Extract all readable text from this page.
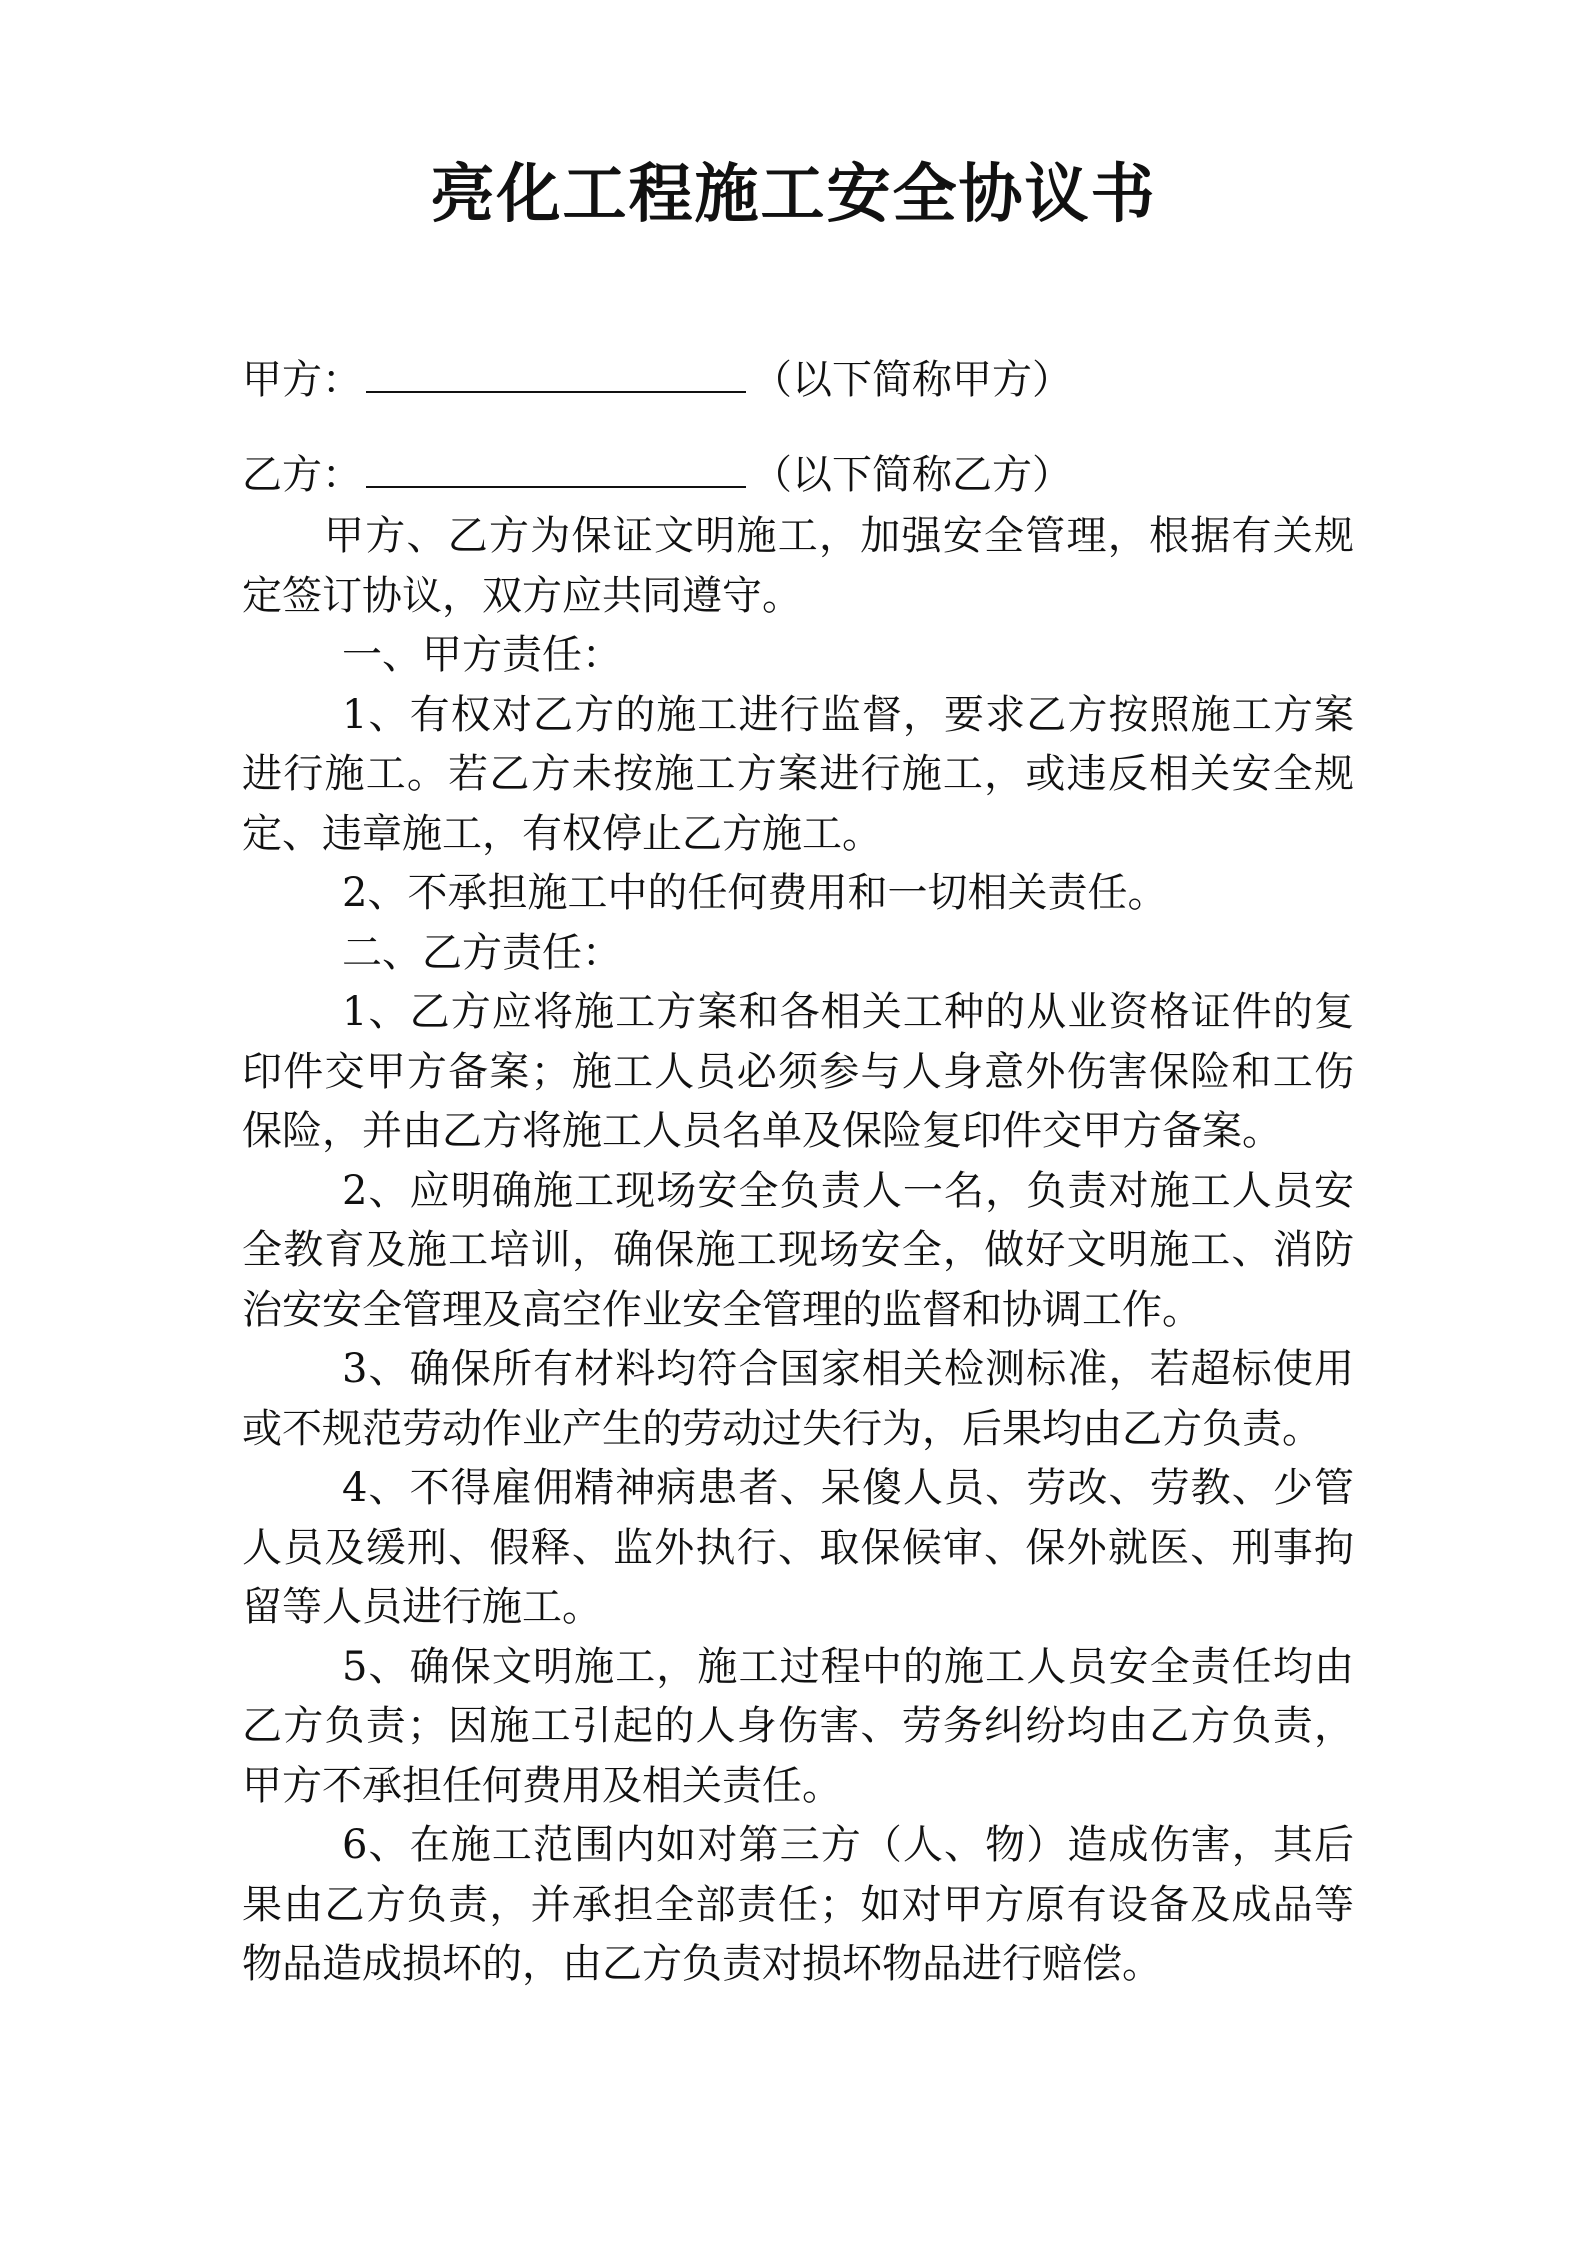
亮化工程施工安全协议书
甲方：	（以下简称甲方）
乙方：	（以下简称乙方）

甲方、乙方为保证文明施工，加强安全管理，根据有关规定签订协议，双方应共同遵守。

一、甲方责任：

1、有权对乙方的施工进行监督，要求乙方按照施工方案进行施工。若乙方未按施工方案进行施工，或违反相关安全规定、违章施工，有权停止乙方施工。

2、不承担施工中的任何费用和一切相关责任。

二、乙方责任：

1、乙方应将施工方案和各相关工种的从业资格证件的复印件交甲方备案；施工人员必须参与人身意外伤害保险和工伤保险，并由乙方将施工人员名单及保险复印件交甲方备案。

2、应明确施工现场安全负责人一名，负责对施工人员安全教育及施工培训，确保施工现场安全，做好文明施工、消防治安安全管理及高空作业安全管理的监督和协调工作。

3、确保所有材料均符合国家相关检测标准，若超标使用或不规范劳动作业产生的劳动过失行为，后果均由乙方负责。

4、不得雇佣精神病患者、呆傻人员、劳改、劳教、少管人员及缓刑、假释、监外执行、取保候审、保外就医、刑事拘留等人员进行施工。

5、确保文明施工，施工过程中的施工人员安全责任均由乙方负责；因施工引起的人身伤害、劳务纠纷均由乙方负责，甲方不承担任何费用及相关责任。

6、在施工范围内如对第三方（人、物）造成伤害，其后果由乙方负责，并承担全部责任；如对甲方原有设备及成品等物品造成损坏的，由乙方负责对损坏物品进行赔偿。
